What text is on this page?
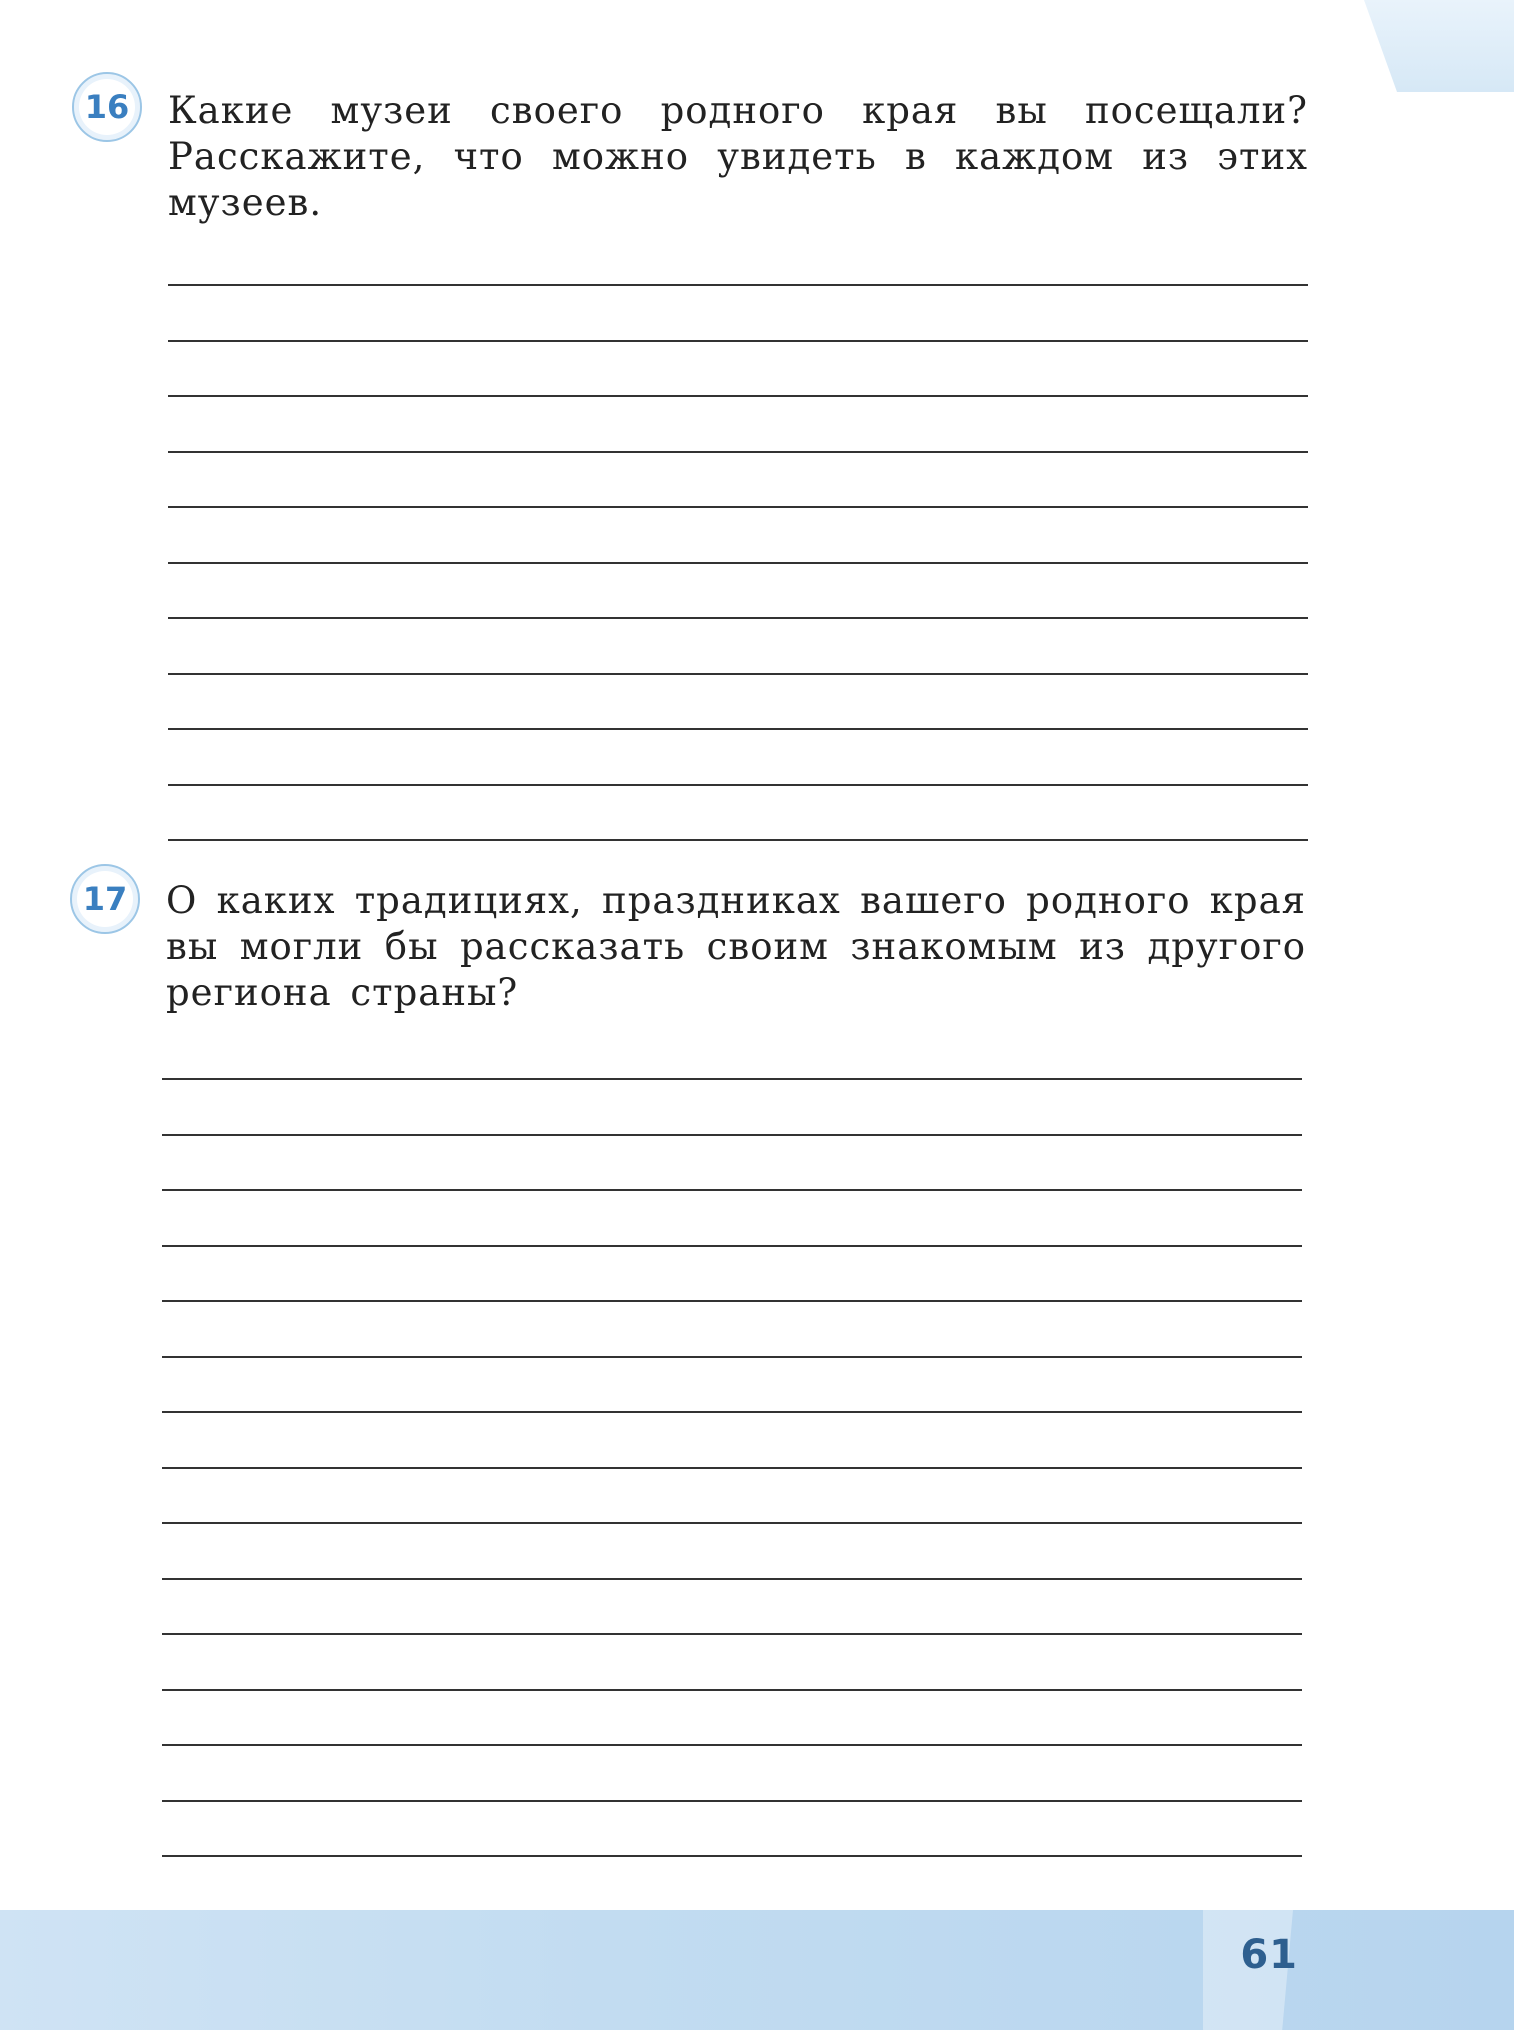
16	Какие музеи своего родного края вы посещали? Расскажите, что можно увидеть в каждом из этих музеев.

17	О каких традициях, праздниках вашего родного края вы могли бы рассказать своим знакомым из другого региона страны?

61
